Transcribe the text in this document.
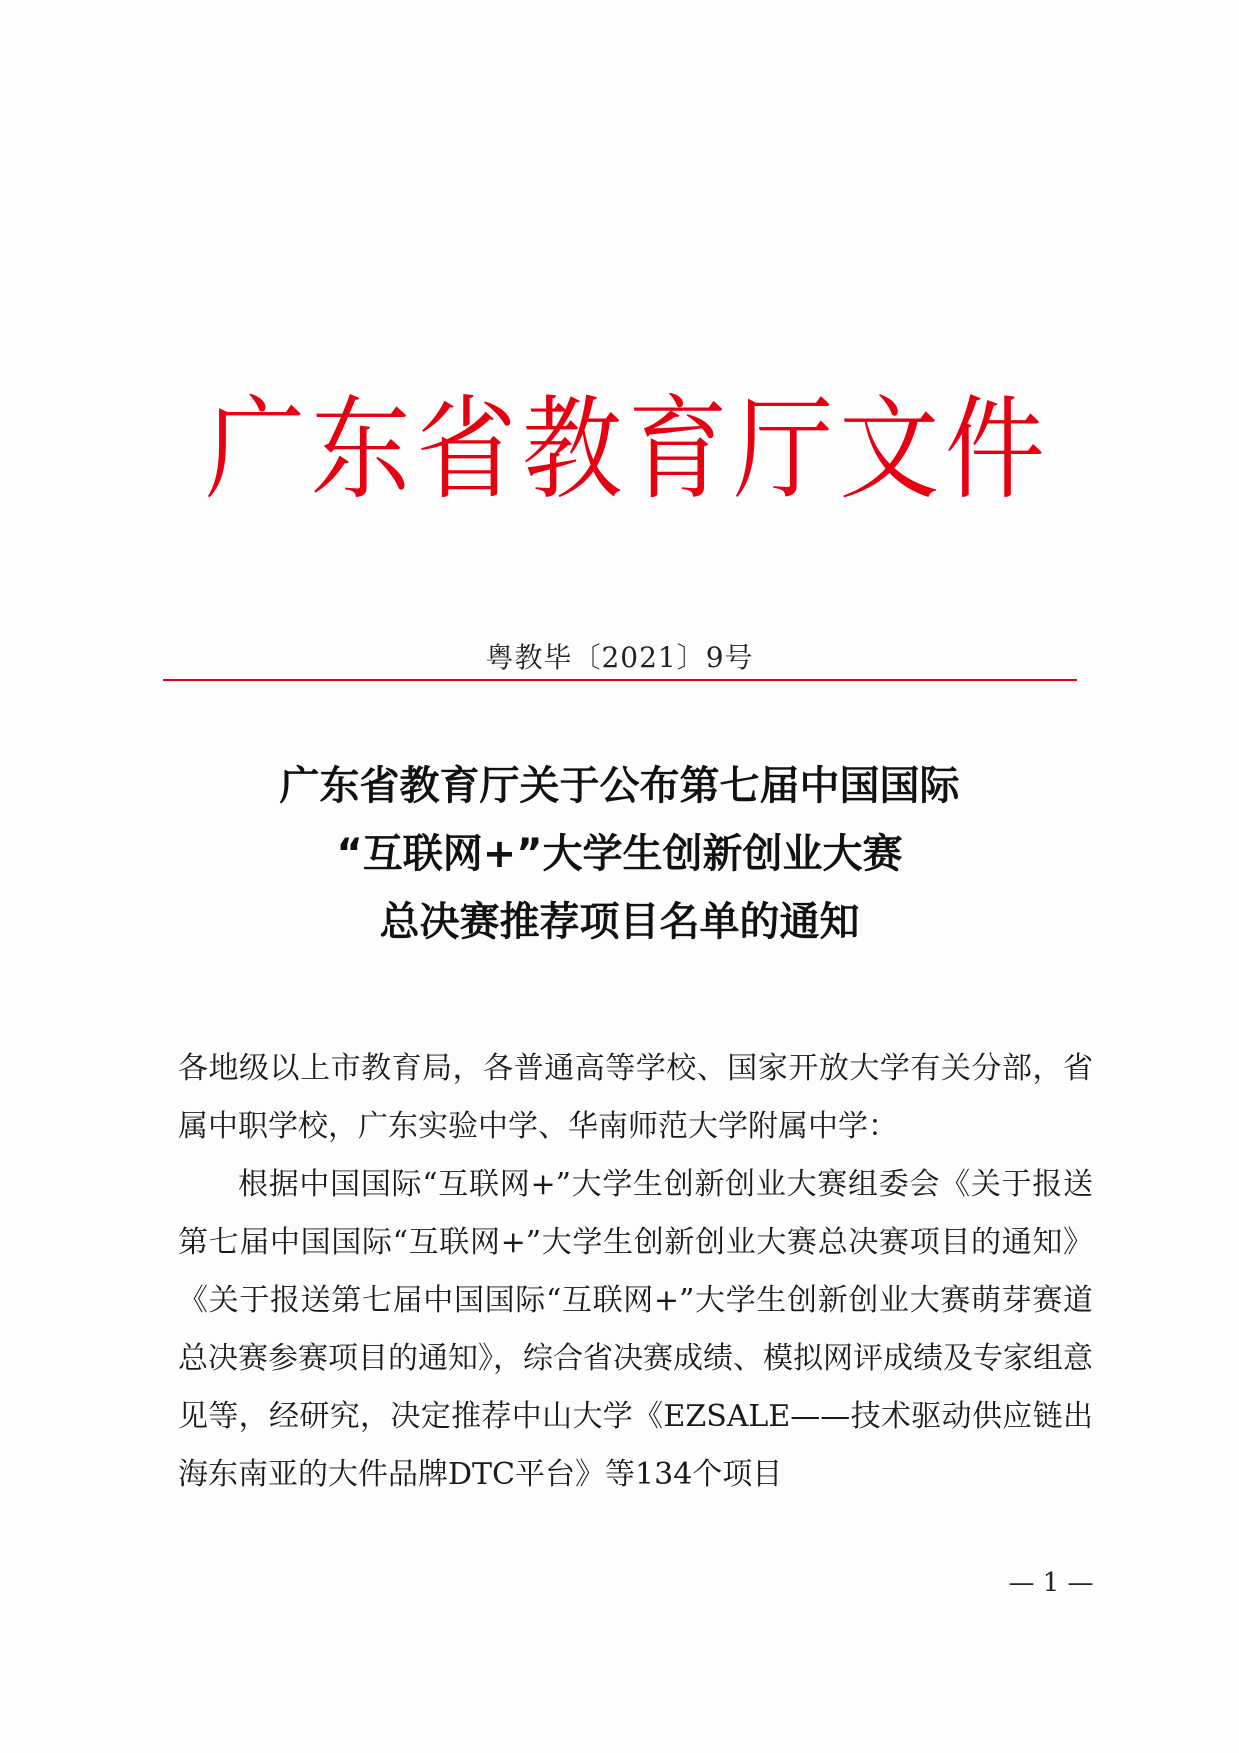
广 东 省 教 育 厅 文 件
粤教毕〔2021〕9号
广东省教育厅关于公布第七届中国国际
“互联网+”大学生创新创业大赛
总决赛推荐项目名单的通知

各地级以上市教育局，各普通高等学校、国家开放大学有关分部，省属中职学校，广东实验中学、华南师范大学附属中学：

根据中国国际“互联网+”大学生创新创业大赛组委会《关于报送第七届中国国际“互联网+”大学生创新创业大赛总决赛项目的通知》《关于报送第七届中国国际“互联网+”大学生创新创业大赛萌芽赛道总决赛参赛项目的通知》，综合省决赛成绩、模拟网评成绩及专家组意见等，经研究，决定推荐中山大学《EZSALE——技术驱动供应链出海东南亚的大件品牌DTC平台》等134个项目

— 1 —
